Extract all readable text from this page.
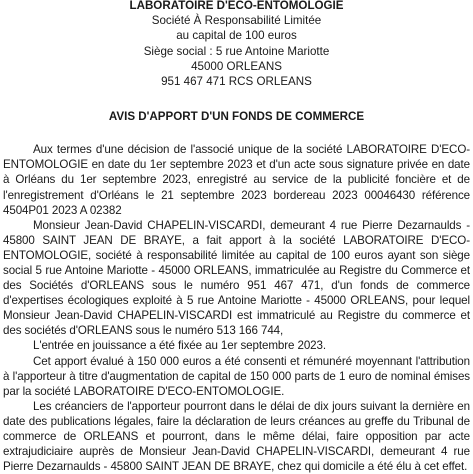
LABORATOIRE D'ECO-ENTOMOLOGIE
Société À Responsabilité Limitée
au capital de 100 euros
Siège social : 5 rue Antoine Mariotte
45000 ORLEANS
951 467 471 RCS ORLEANS
AVIS D'APPORT D'UN FONDS DE COMMERCE

Aux termes d'une décision de l'associé unique de la société LABORATOIRE D'ECO-ENTOMOLOGIE en date du 1er septembre 2023 et d'un acte sous signature privée en date à Orléans du 1er septembre 2023, enregistré au service de la publicité foncière et de l'enregistrement d'Orléans le 21 septembre 2023 bordereau 2023 00046430 référence 4504P01 2023 A 02382

Monsieur Jean-David CHAPELIN-VISCARDI, demeurant 4 rue Pierre Dezarnaulds - 45800 SAINT JEAN DE BRAYE, a fait apport à la société LABORATOIRE D'ECO-ENTOMOLOGIE, société à responsabilité limitée au capital de 100 euros ayant son siège social 5 rue Antoine Mariotte - 45000 ORLEANS, immatriculée au Registre du Commerce et des Sociétés d'ORLEANS sous le numéro 951 467 471, d'un fonds de commerce d'expertises écologiques exploité à 5 rue Antoine Mariotte - 45000 ORLEANS, pour lequel Monsieur Jean-David CHAPELIN-VISCARDI est immatriculé au Registre du commerce et des sociétés d'ORLEANS sous le numéro 513 166 744,

L'entrée en jouissance a été fixée au 1er septembre 2023.

Cet apport évalué à 150 000 euros a été consenti et rémunéré moyennant l'attribution à l'apporteur à titre d'augmentation de capital de 150 000 parts de 1 euro de nominal émises par la société LABORATOIRE D'ECO-ENTOMOLOGIE.

Les créanciers de l'apporteur pourront dans le délai de dix jours suivant la dernière en date des publications légales, faire la déclaration de leurs créances au greffe du Tribunal de commerce de ORLEANS et pourront, dans le même délai, faire opposition par acte extrajudiciaire auprès de Monsieur Jean-David CHAPELIN-VISCARDI, demeurant 4 rue Pierre Dezarnaulds - 45800 SAINT JEAN DE BRAYE, chez qui domicile a été élu à cet effet.
